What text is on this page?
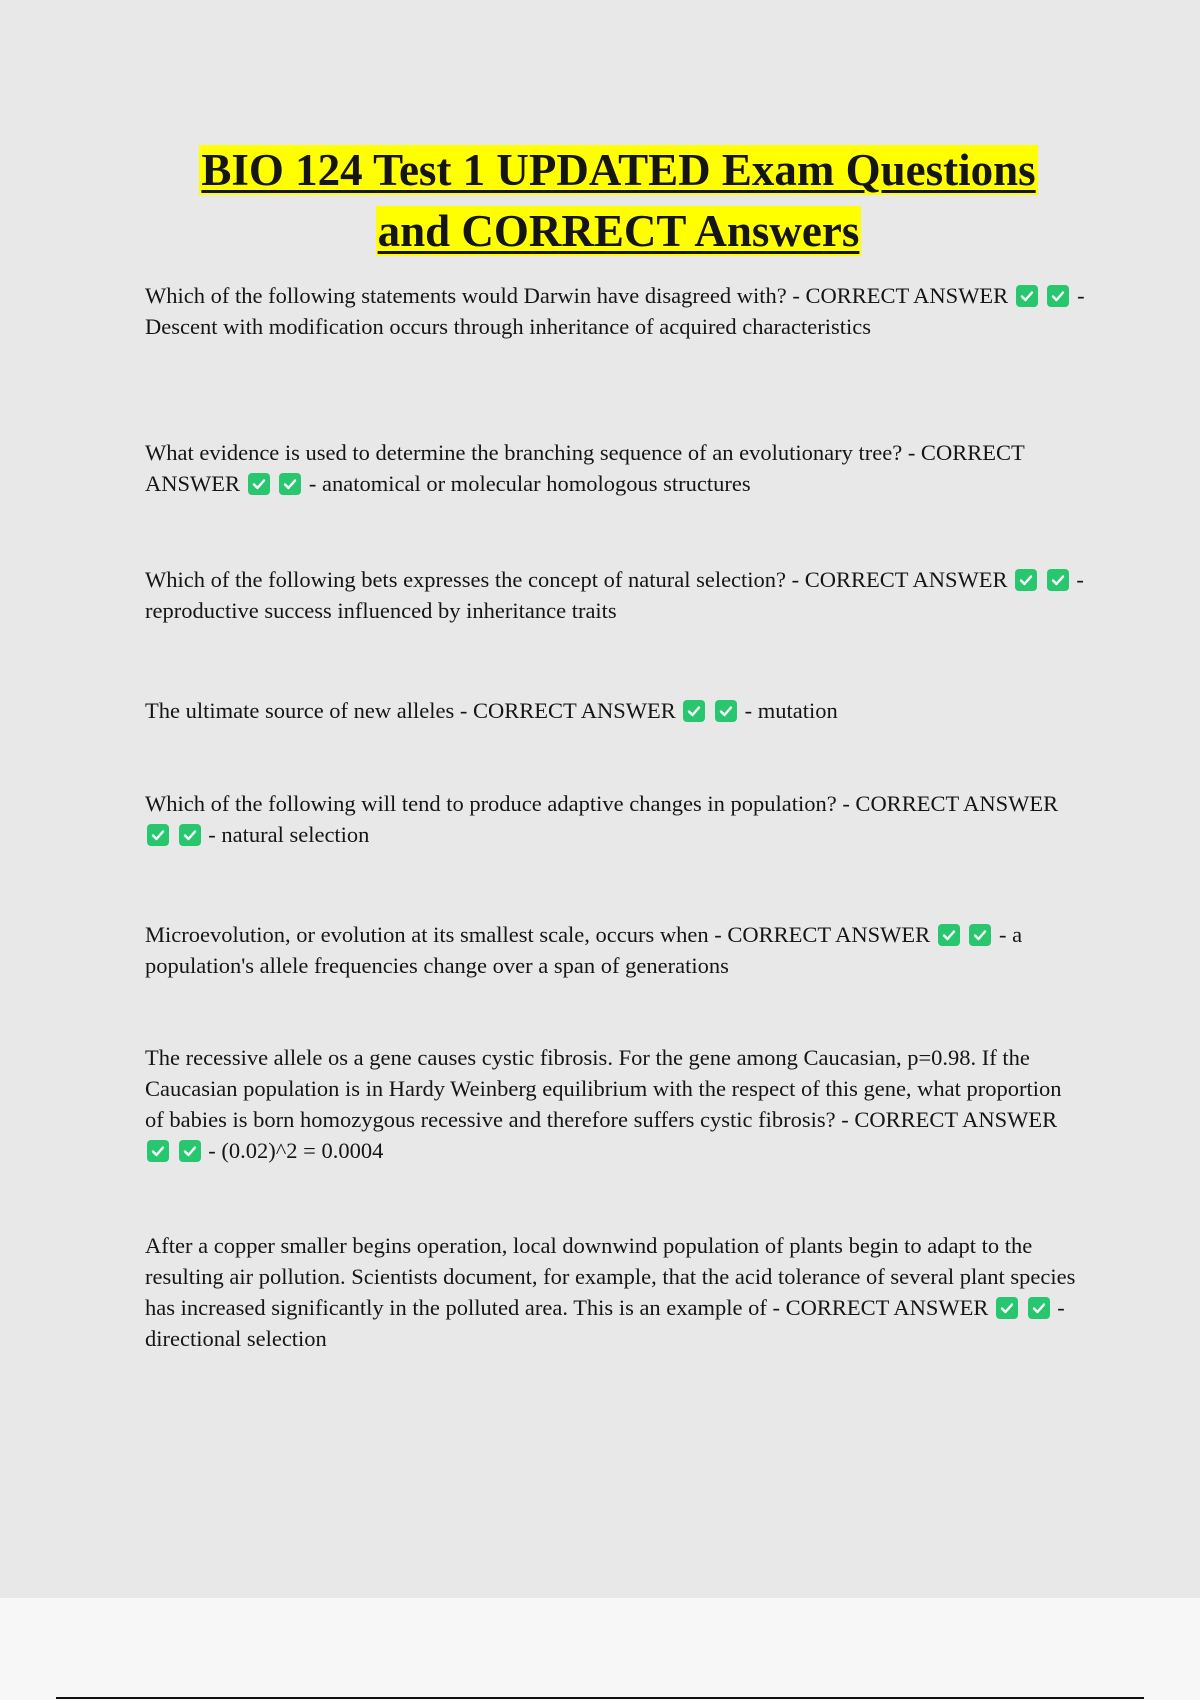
BIO 124 Test 1 UPDATED Exam Questions
and CORRECT Answers

Which of the following statements would Darwin have disagreed with? - CORRECT ANSWER
	- Descent with modification occurs through inheritance of acquired characteristics

What evidence is used to determine the branching sequence of an evolutionary tree? - CORRECT ANSWER
	- anatomical or molecular homologous structures

Which of the following bets expresses the concept of natural selection? - CORRECT ANSWER
	- reproductive success influenced by inheritance traits

The ultimate source of new alleles - CORRECT ANSWER
	- mutation

Which of the following will tend to produce adaptive changes in population? - CORRECT ANSWER

- natural selection

Microevolution, or evolution at its smallest scale, occurs when - CORRECT ANSWER
	- a population's allele frequencies change over a span of generations

The recessive allele os a gene causes cystic fibrosis. For the gene among Caucasian, p=0.98. If the Caucasian population is in Hardy Weinberg equilibrium with the respect of this gene, what proportion of babies is born homozygous recessive and therefore suffers cystic fibrosis? - CORRECT ANSWER

- (0.02)^2 = 0.0004

After a copper smaller begins operation, local downwind population of plants begin to adapt to the resulting air pollution. Scientists document, for example, that the acid tolerance of several plant species has increased significantly in the polluted area. This is an example of - CORRECT ANSWER
	- directional selection
